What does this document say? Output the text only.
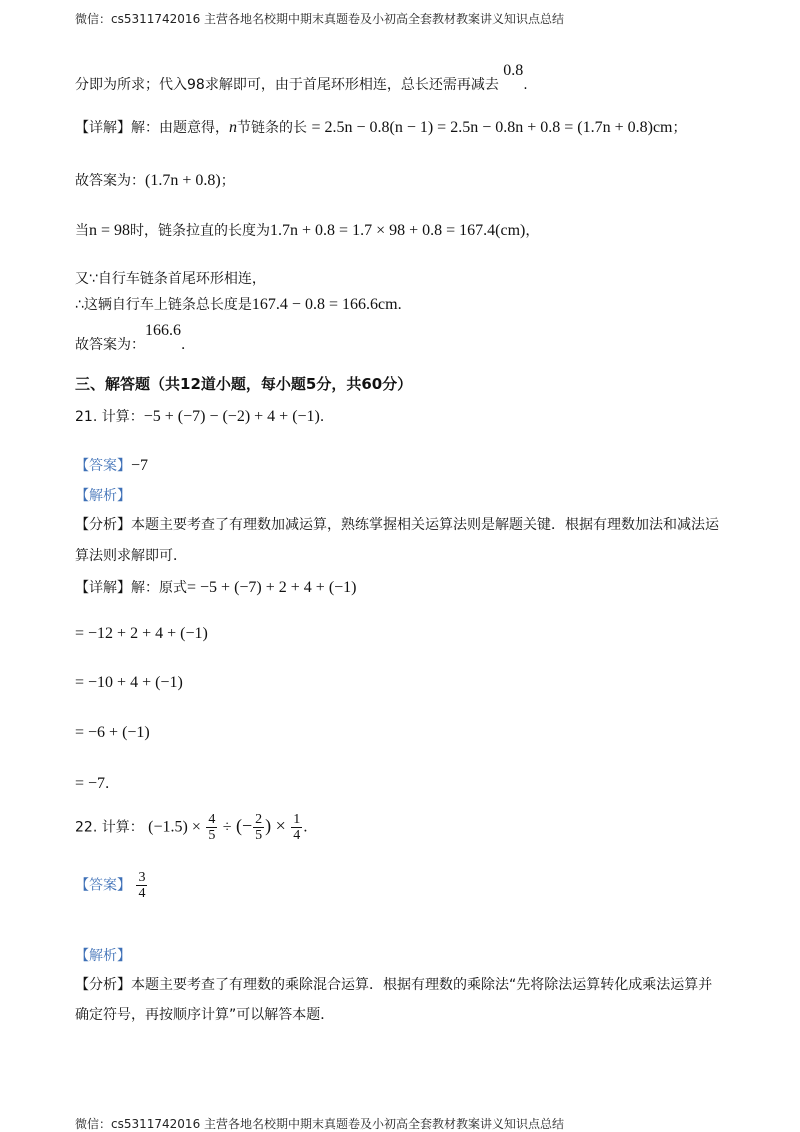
微信：cs5311742016 主营各地名校期中期末真题卷及小初高全套教材教案讲义知识点总结
分即为所求；代入98求解即可，由于首尾环形相连，总长还需再减去 0.8.
【详解】解：由题意得，n节链条的长 = 2.5n − 0.8(n − 1) = 2.5n − 0.8n + 0.8 = (1.7n + 0.8)cm；
故答案为：(1.7n + 0.8)；
当n = 98时，链条拉直的长度为1.7n + 0.8 = 1.7 × 98 + 0.8 = 167.4(cm)，
又∵自行车链条首尾环形相连，
∴这辆自行车上链条总长度是167.4 − 0.8 = 166.6cm．
故答案为：166.6．
三、解答题（共12道小题，每小题5分，共60分）
21. 计算：−5 + (−7) − (−2) + 4 + (−1)．
【答案】−7
【解析】
【分析】本题主要考查了有理数加减运算，熟练掌握相关运算法则是解题关键．根据有理数加法和减法运
算法则求解即可．
【详解】解：原式= −5 + (−7) + 2 + 4 + (−1)
= −12 + 2 + 4 + (−1)
= −10 + 4 + (−1)
= −6 + (−1)
= −7．
22. 计算： $(-1.5) \times \frac{4}{5}$ ÷ (− $\frac{2}{5}$ ) × $\frac{1}{4}$ ．
【答案】 $\frac{3}{4}$
【解析】
【分析】本题主要考查了有理数的乘除混合运算．根据有理数的乘除法“先将除法运算转化成乘法运算并
确定符号，再按顺序计算”可以解答本题．
微信：cs5311742016 主营各地名校期中期末真题卷及小初高全套教材教案讲义知识点总结
